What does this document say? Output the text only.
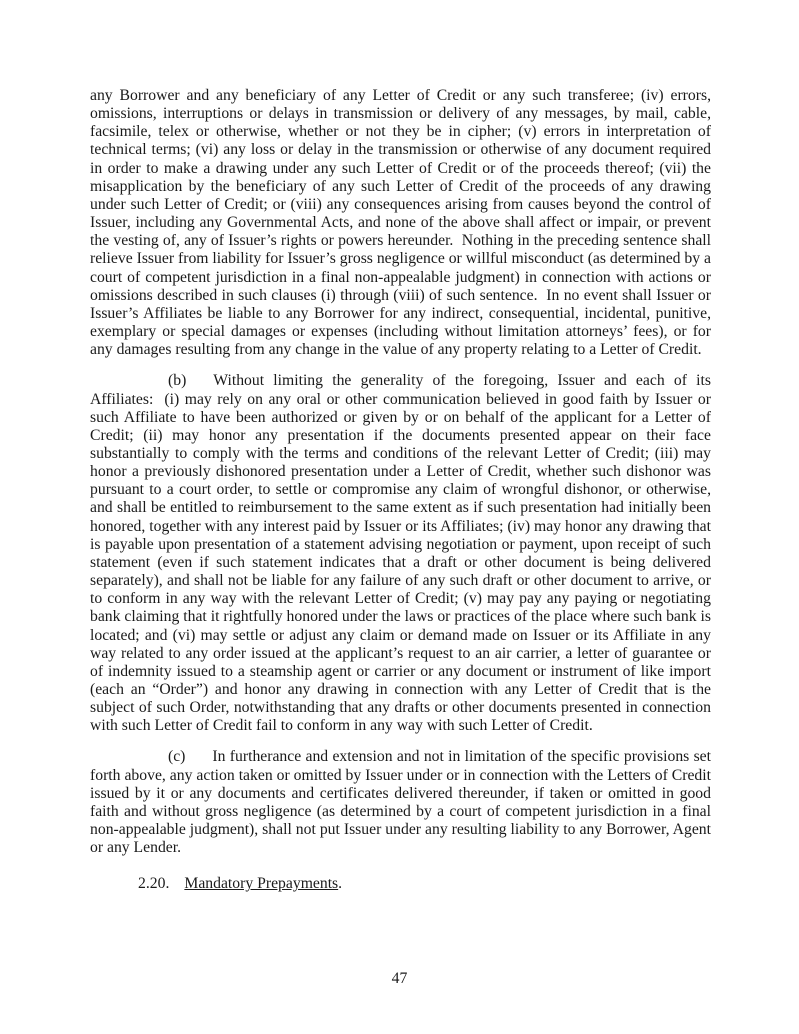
any Borrower and any beneficiary of any Letter of Credit or any such transferee; (iv) errors, omissions, interruptions or delays in transmission or delivery of any messages, by mail, cable, facsimile, telex or otherwise, whether or not they be in cipher; (v) errors in interpretation of technical terms; (vi) any loss or delay in the transmission or otherwise of any document required in order to make a drawing under any such Letter of Credit or of the proceeds thereof; (vii) the misapplication by the beneficiary of any such Letter of Credit of the proceeds of any drawing under such Letter of Credit; or (viii) any consequences arising from causes beyond the control of Issuer, including any Governmental Acts, and none of the above shall affect or impair, or prevent the vesting of, any of Issuer’s rights or powers hereunder.  Nothing in the preceding sentence shall relieve Issuer from liability for Issuer’s gross negligence or willful misconduct (as determined by a court of competent jurisdiction in a final non-appealable judgment) in connection with actions or omissions described in such clauses (i) through (viii) of such sentence.  In no event shall Issuer or Issuer’s Affiliates be liable to any Borrower for any indirect, consequential, incidental, punitive, exemplary or special damages or expenses (including without limitation attorneys’ fees), or for any damages resulting from any change in the value of any property relating to a Letter of Credit.

(b) Without limiting the generality of the foregoing, Issuer and each of its Affiliates:  (i) may rely on any oral or other communication believed in good faith by Issuer or such Affiliate to have been authorized or given by or on behalf of the applicant for a Letter of Credit; (ii) may honor any presentation if the documents presented appear on their face substantially to comply with the terms and conditions of the relevant Letter of Credit; (iii) may honor a previously dishonored presentation under a Letter of Credit, whether such dishonor was pursuant to a court order, to settle or compromise any claim of wrongful dishonor, or otherwise, and shall be entitled to reimbursement to the same extent as if such presentation had initially been honored, together with any interest paid by Issuer or its Affiliates; (iv) may honor any drawing that is payable upon presentation of a statement advising negotiation or payment, upon receipt of such statement (even if such statement indicates that a draft or other document is being delivered separately), and shall not be liable for any failure of any such draft or other document to arrive, or to conform in any way with the relevant Letter of Credit; (v) may pay any paying or negotiating bank claiming that it rightfully honored under the laws or practices of the place where such bank is located; and (vi) may settle or adjust any claim or demand made on Issuer or its Affiliate in any way related to any order issued at the applicant’s request to an air carrier, a letter of guarantee or of indemnity issued to a steamship agent or carrier or any document or instrument of like import (each an “Order”) and honor any drawing in connection with any Letter of Credit that is the subject of such Order, notwithstanding that any drafts or other documents presented in connection with such Letter of Credit fail to conform in any way with such Letter of Credit.

(c) In furtherance and extension and not in limitation of the specific provisions set forth above, any action taken or omitted by Issuer under or in connection with the Letters of Credit issued by it or any documents and certificates delivered thereunder, if taken or omitted in good faith and without gross negligence (as determined by a court of competent jurisdiction in a final non-appealable judgment), shall not put Issuer under any resulting liability to any Borrower, Agent or any Lender.

2.20. Mandatory Prepayments.

47
